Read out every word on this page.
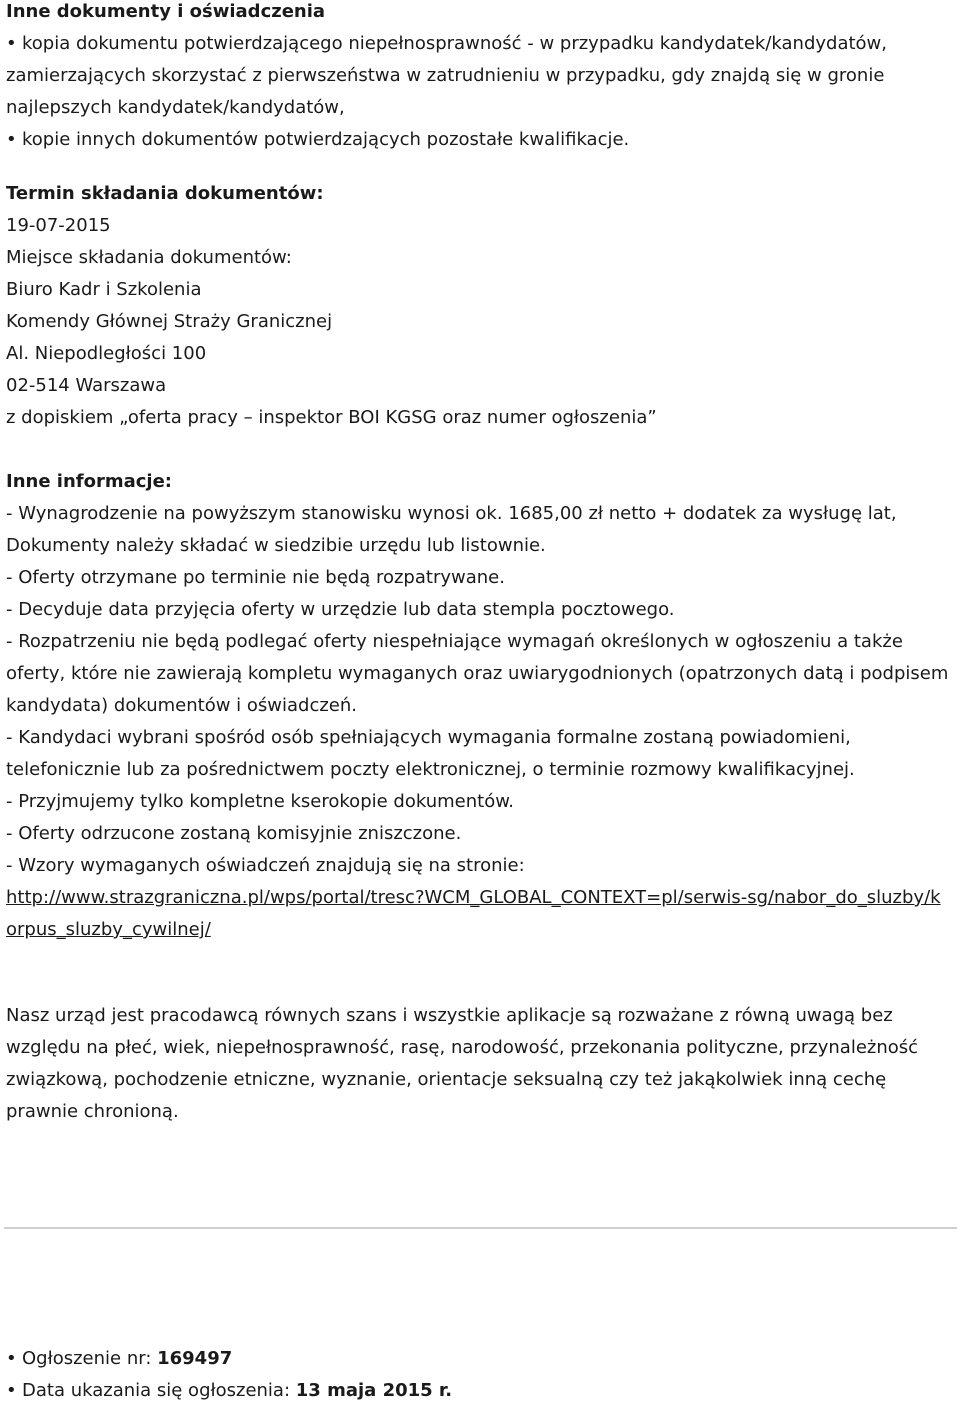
Inne dokumenty i oświadczenia
• kopia dokumentu potwierdzającego niepełnosprawność - w przypadku kandydatek/kandydatów,
zamierzających skorzystać z pierwszeństwa w zatrudnieniu w przypadku, gdy znajdą się w gronie
najlepszych kandydatek/kandydatów,
• kopie innych dokumentów potwierdzających pozostałe kwalifikacje.
Termin składania dokumentów:
19-07-2015
Miejsce składania dokumentów:
Biuro Kadr i Szkolenia
Komendy Głównej Straży Granicznej
Al. Niepodległości 100
02-514 Warszawa
z dopiskiem „oferta pracy – inspektor BOI KGSG oraz numer ogłoszenia”
Inne informacje:
- Wynagrodzenie na powyższym stanowisku wynosi ok. 1685,00 zł netto + dodatek za wysługę lat,
Dokumenty należy składać w siedzibie urzędu lub listownie.
- Oferty otrzymane po terminie nie będą rozpatrywane.
- Decyduje data przyjęcia oferty w urzędzie lub data stempla pocztowego.
- Rozpatrzeniu nie będą podlegać oferty niespełniające wymagań określonych w ogłoszeniu a także
oferty, które nie zawierają kompletu wymaganych oraz uwiarygodnionych (opatrzonych datą i podpisem
kandydata) dokumentów i oświadczeń.
- Kandydaci wybrani spośród osób spełniających wymagania formalne zostaną powiadomieni,
telefonicznie lub za pośrednictwem poczty elektronicznej, o terminie rozmowy kwalifikacyjnej.
- Przyjmujemy tylko kompletne kserokopie dokumentów.
- Oferty odrzucone zostaną komisyjnie zniszczone.
- Wzory wymaganych oświadczeń znajdują się na stronie:
http://www.strazgraniczna.pl/wps/portal/tresc?WCM_GLOBAL_CONTEXT=pl/serwis-sg/nabor_do_sluzby/k
orpus_sluzby_cywilnej/
Nasz urząd jest pracodawcą równych szans i wszystkie aplikacje są rozważane z równą uwagą bez
względu na płeć, wiek, niepełnosprawność, rasę, narodowość, przekonania polityczne, przynależność
związkową, pochodzenie etniczne, wyznanie, orientacje seksualną czy też jakąkolwiek inną cechę
prawnie chronioną.
• Ogłoszenie nr: 169497
• Data ukazania się ogłoszenia: 13 maja 2015 r.
